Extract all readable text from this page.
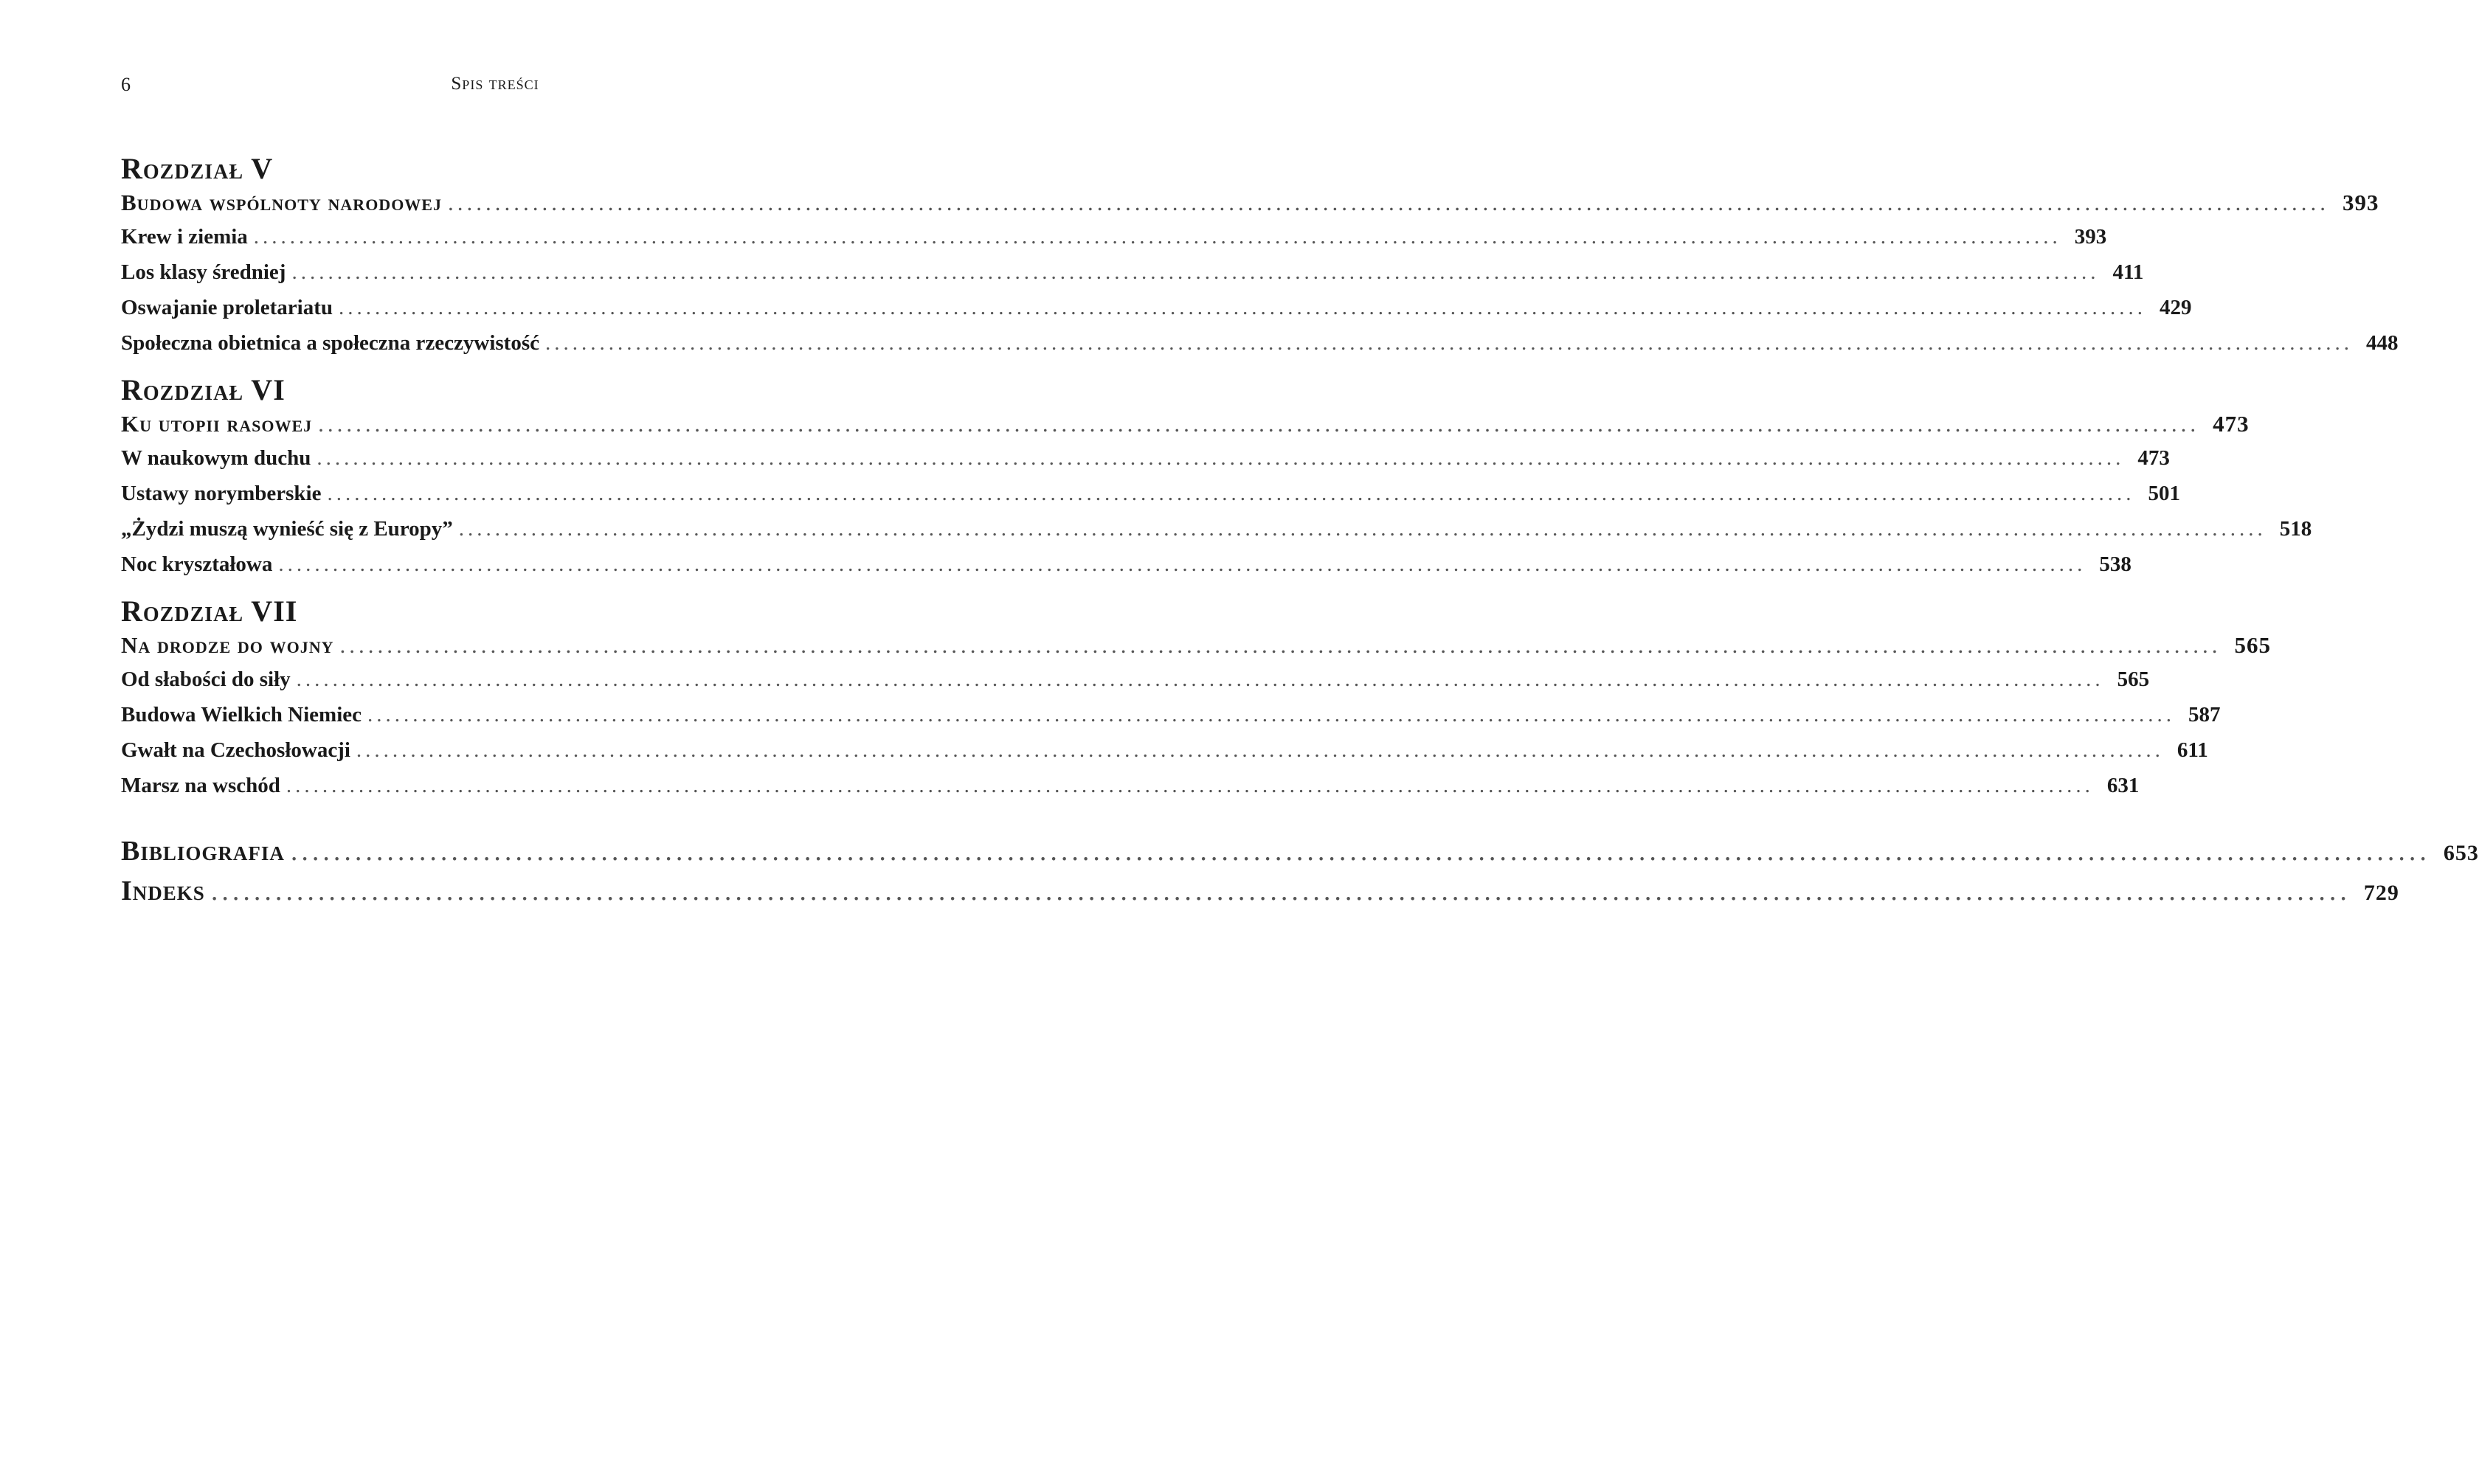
6	Spis treści
Rozdział V
Budowa wspólnoty narodowej ........................................................................................................................................................................................................ 393
Krew i ziemia ........................................................................................................................................................................................................ 393
Los klasy średniej ........................................................................................................................................................................................................ 411
Oswajanie proletariatu ........................................................................................................................................................................................................ 429
Społeczna obietnica a społeczna rzeczywistość ........................................................................................................................................................................................................ 448
Rozdział VI
Ku utopii rasowej ........................................................................................................................................................................................................ 473
W naukowym duchu ........................................................................................................................................................................................................ 473
Ustawy norymberskie ........................................................................................................................................................................................................ 501
„Żydzi muszą wynieść się z Europy” ........................................................................................................................................................................................................ 518
Noc kryształowa ........................................................................................................................................................................................................ 538
Rozdział VII
Na drodze do wojny ........................................................................................................................................................................................................ 565
Od słabości do siły ........................................................................................................................................................................................................ 565
Budowa Wielkich Niemiec ........................................................................................................................................................................................................ 587
Gwałt na Czechosłowacji ........................................................................................................................................................................................................ 611
Marsz na wschód ........................................................................................................................................................................................................ 631
Bibliografia ........................................................................................................................................................................................................ 653
Indeks ........................................................................................................................................................................................................ 729
